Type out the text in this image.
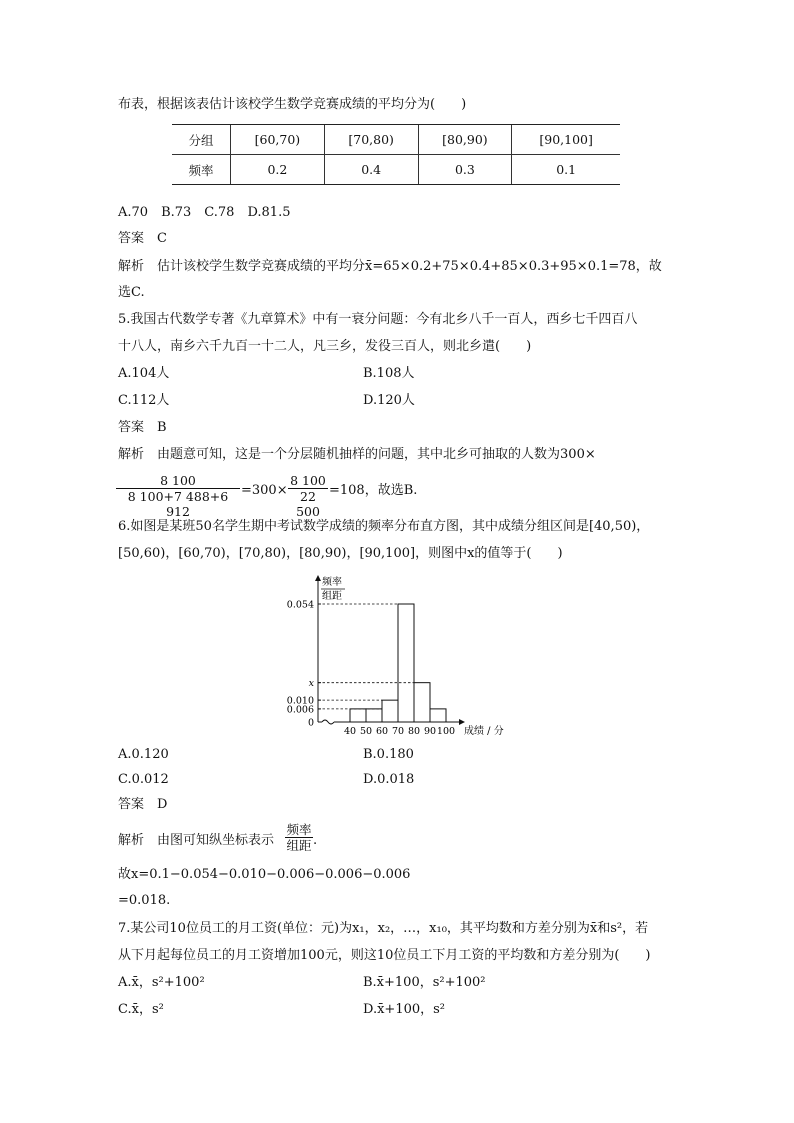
布表，根据该表估计该校学生数学竞赛成绩的平均分为(　　)
分组	[60,70)	[70,80)	[80,90)	[90,100]
频率	0.2	0.4	0.3	0.1
A.70　B.73　C.78　D.81.5
答案　 C
解析　 估计该校学生数学竞赛成绩的平均分x̄=65×0.2+75×0.4+85×0.3+95×0.1=78，故
选C.
5.我国古代数学专著《九章算术》中有一衰分问题：今有北乡八千一百人，西乡七千四百八
十八人，南乡六千九百一十二人，凡三乡，发役三百人，则北乡遣(　　)
A.104人	B.108人
C.112人	D.120人
答案　 B
解析　 由题意可知，这是一个分层随机抽样的问题，其中北乡可抽取的人数为300×
$\frac{8 100}{8 100+7 488+6 912} =300\times \frac{8 100}{22 500} =108$，故选B.
6.如图是某班50名学生期中考试数学成绩的频率分布直方图，其中成绩分组区间是[40,50)，
[50,60)，[60,70)，[70,80)，[80,90)，[90,100]，则图中x的值等于(　　)
频率
组距
成绩 / 分
0
0.006
0.010
x
0.054
40 50 60 70 80 90 100
A.0.120	B.0.180
C.0.012	D.0.018
答案　 D
解析　 由图可知纵坐标表示
频率
组距 .
故x=0.1−0.054−0.010−0.006−0.006−0.006
=0.018.
7.某公司10位员工的月工资(单位：元)为x₁，x₂，…，x₁₀，其平均数和方差分别为x̄和s²，若
从下月起每位员工的月工资增加100元，则这10位员工下月工资的平均数和方差分别为(　　)
A.x̄，s²+100²	B.x̄+100，s²+100²
C.x̄，s²	D.x̄+100，s²
